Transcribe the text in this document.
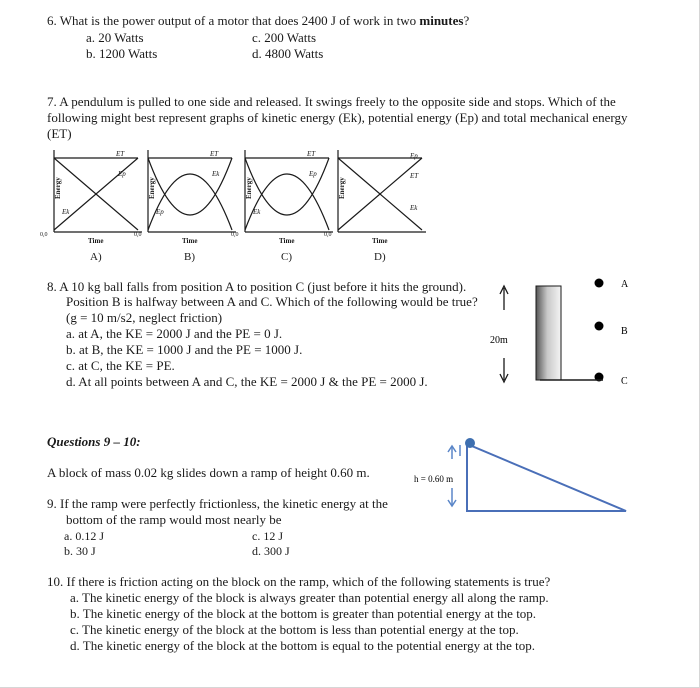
6. What is the power output of a motor that does 2400 J of work in two minutes?
a. 20 Watts
b. 1200 Watts
c. 200 Watts
d. 4800 Watts
7. A pendulum is pulled to one side and released. It swings freely to the opposite side and stops. Which of the
following might best represent graphs of kinetic energy (Ek), potential energy (Ep) and total mechanical energy
(ET)
Energy
0,0
Time
ET
Ep
Ek
A)
Energy
0,0
Time
ET
Ek
Ep
B)
Energy
0,0
Time
ET
Ep
Ek
C)
Energy
0,0
Time
Ep
ET
Ek
D)
8. A 10 kg ball falls from position A to position C (just before it hits the ground).
Position B is halfway between A and C. Which of the following would be true?
(g = 10 m/s2, neglect friction)
a. at A, the KE = 2000 J and the PE = 0 J.
b. at B, the KE = 1000 J and the PE = 1000 J.
c. at C, the KE = PE.
d. At all points between A and C, the KE = 2000 J & the PE = 2000 J.
20m
A
B
C
Questions 9 – 10:
A block of mass 0.02 kg slides down a ramp of height 0.60 m.	h = 0.60 m
9. If the ramp were perfectly frictionless, the kinetic energy at the
bottom of the ramp would most nearly be
a. 0.12 J
b. 30 J
c. 12 J
d. 300 J
10. If there is friction acting on the block on the ramp, which of the following statements is true?
a. The kinetic energy of the block is always greater than potential energy all along the ramp.
b. The kinetic energy of the block at the bottom is greater than potential energy at the top.
c. The kinetic energy of the block at the bottom is less than potential energy at the top.
d. The kinetic energy of the block at the bottom is equal to the potential energy at the top.
